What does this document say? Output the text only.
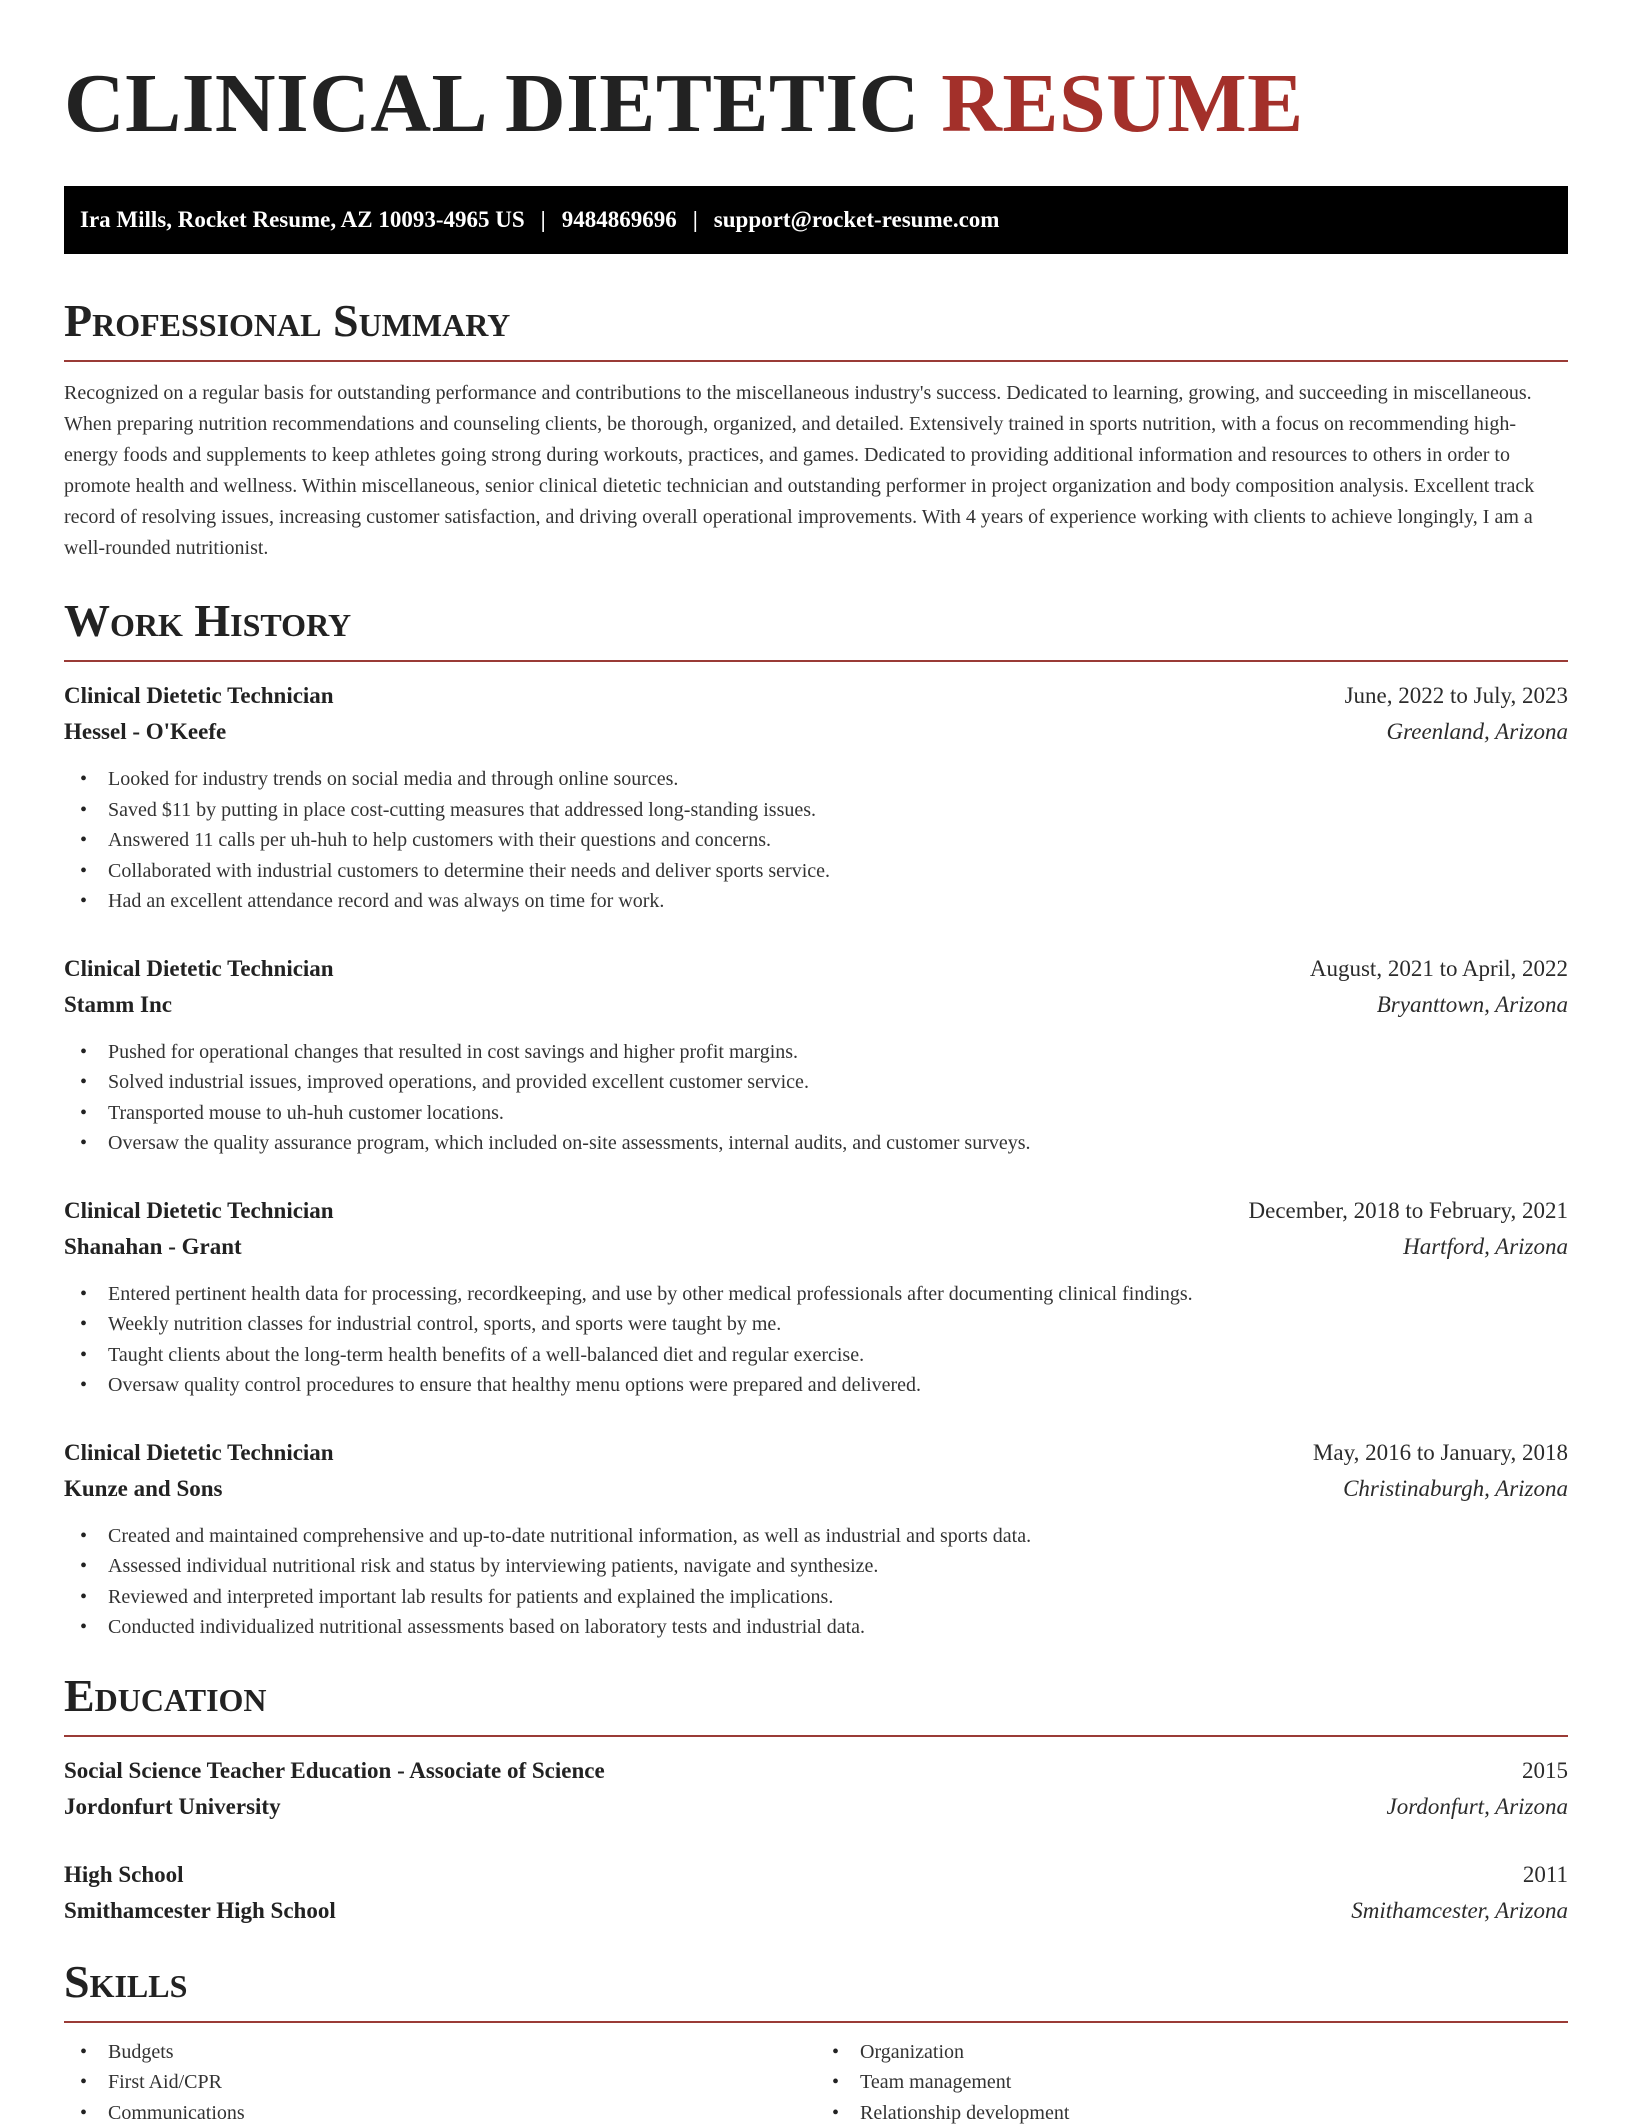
CLINICAL DIETETIC RESUME
Ira Mills, Rocket Resume, AZ 10093-4965 US | 9484869696 | support@rocket-resume.com
Professional Summary

Recognized on a regular basis for outstanding performance and contributions to the miscellaneous industry's success. Dedicated to learning, growing, and succeeding in miscellaneous. When preparing nutrition recommendations and counseling clients, be thorough, organized, and detailed. Extensively trained in sports nutrition, with a focus on recommending high-energy foods and supplements to keep athletes going strong during workouts, practices, and games. Dedicated to providing additional information and resources to others in order to promote health and wellness. Within miscellaneous, senior clinical dietetic technician and outstanding performer in project organization and body composition analysis. Excellent track record of resolving issues, increasing customer satisfaction, and driving overall operational improvements. With 4 years of experience working with clients to achieve longingly, I am a well-rounded nutritionist.

Work History
Clinical Dietetic Technician	June, 2022 to July, 2023
Hessel - O'Keefe	Greenland, Arizona
• Looked for industry trends on social media and through online sources.
• Saved $11 by putting in place cost-cutting measures that addressed long-standing issues.
• Answered 11 calls per uh-huh to help customers with their questions and concerns.
• Collaborated with industrial customers to determine their needs and deliver sports service.
• Had an excellent attendance record and was always on time for work.
Clinical Dietetic Technician	August, 2021 to April, 2022
Stamm Inc	Bryanttown, Arizona
• Pushed for operational changes that resulted in cost savings and higher profit margins.
• Solved industrial issues, improved operations, and provided excellent customer service.
• Transported mouse to uh-huh customer locations.
• Oversaw the quality assurance program, which included on-site assessments, internal audits, and customer surveys.
Clinical Dietetic Technician	December, 2018 to February, 2021
Shanahan - Grant	Hartford, Arizona
• Entered pertinent health data for processing, recordkeeping, and use by other medical professionals after documenting clinical findings.
• Weekly nutrition classes for industrial control, sports, and sports were taught by me.
• Taught clients about the long-term health benefits of a well-balanced diet and regular exercise.
• Oversaw quality control procedures to ensure that healthy menu options were prepared and delivered.
Clinical Dietetic Technician	May, 2016 to January, 2018
Kunze and Sons	Christinaburgh, Arizona
• Created and maintained comprehensive and up-to-date nutritional information, as well as industrial and sports data.
• Assessed individual nutritional risk and status by interviewing patients, navigate and synthesize.
• Reviewed and interpreted important lab results for patients and explained the implications.
• Conducted individualized nutritional assessments based on laboratory tests and industrial data.
Education
Social Science Teacher Education - Associate of Science	2015
Jordonfurt University	Jordonfurt, Arizona
High School	2011
Smithamcester High School	Smithamcester, Arizona
Skills
• Budgets
• First Aid/CPR
• Communications
• Organization
• Team management
• Relationship development
